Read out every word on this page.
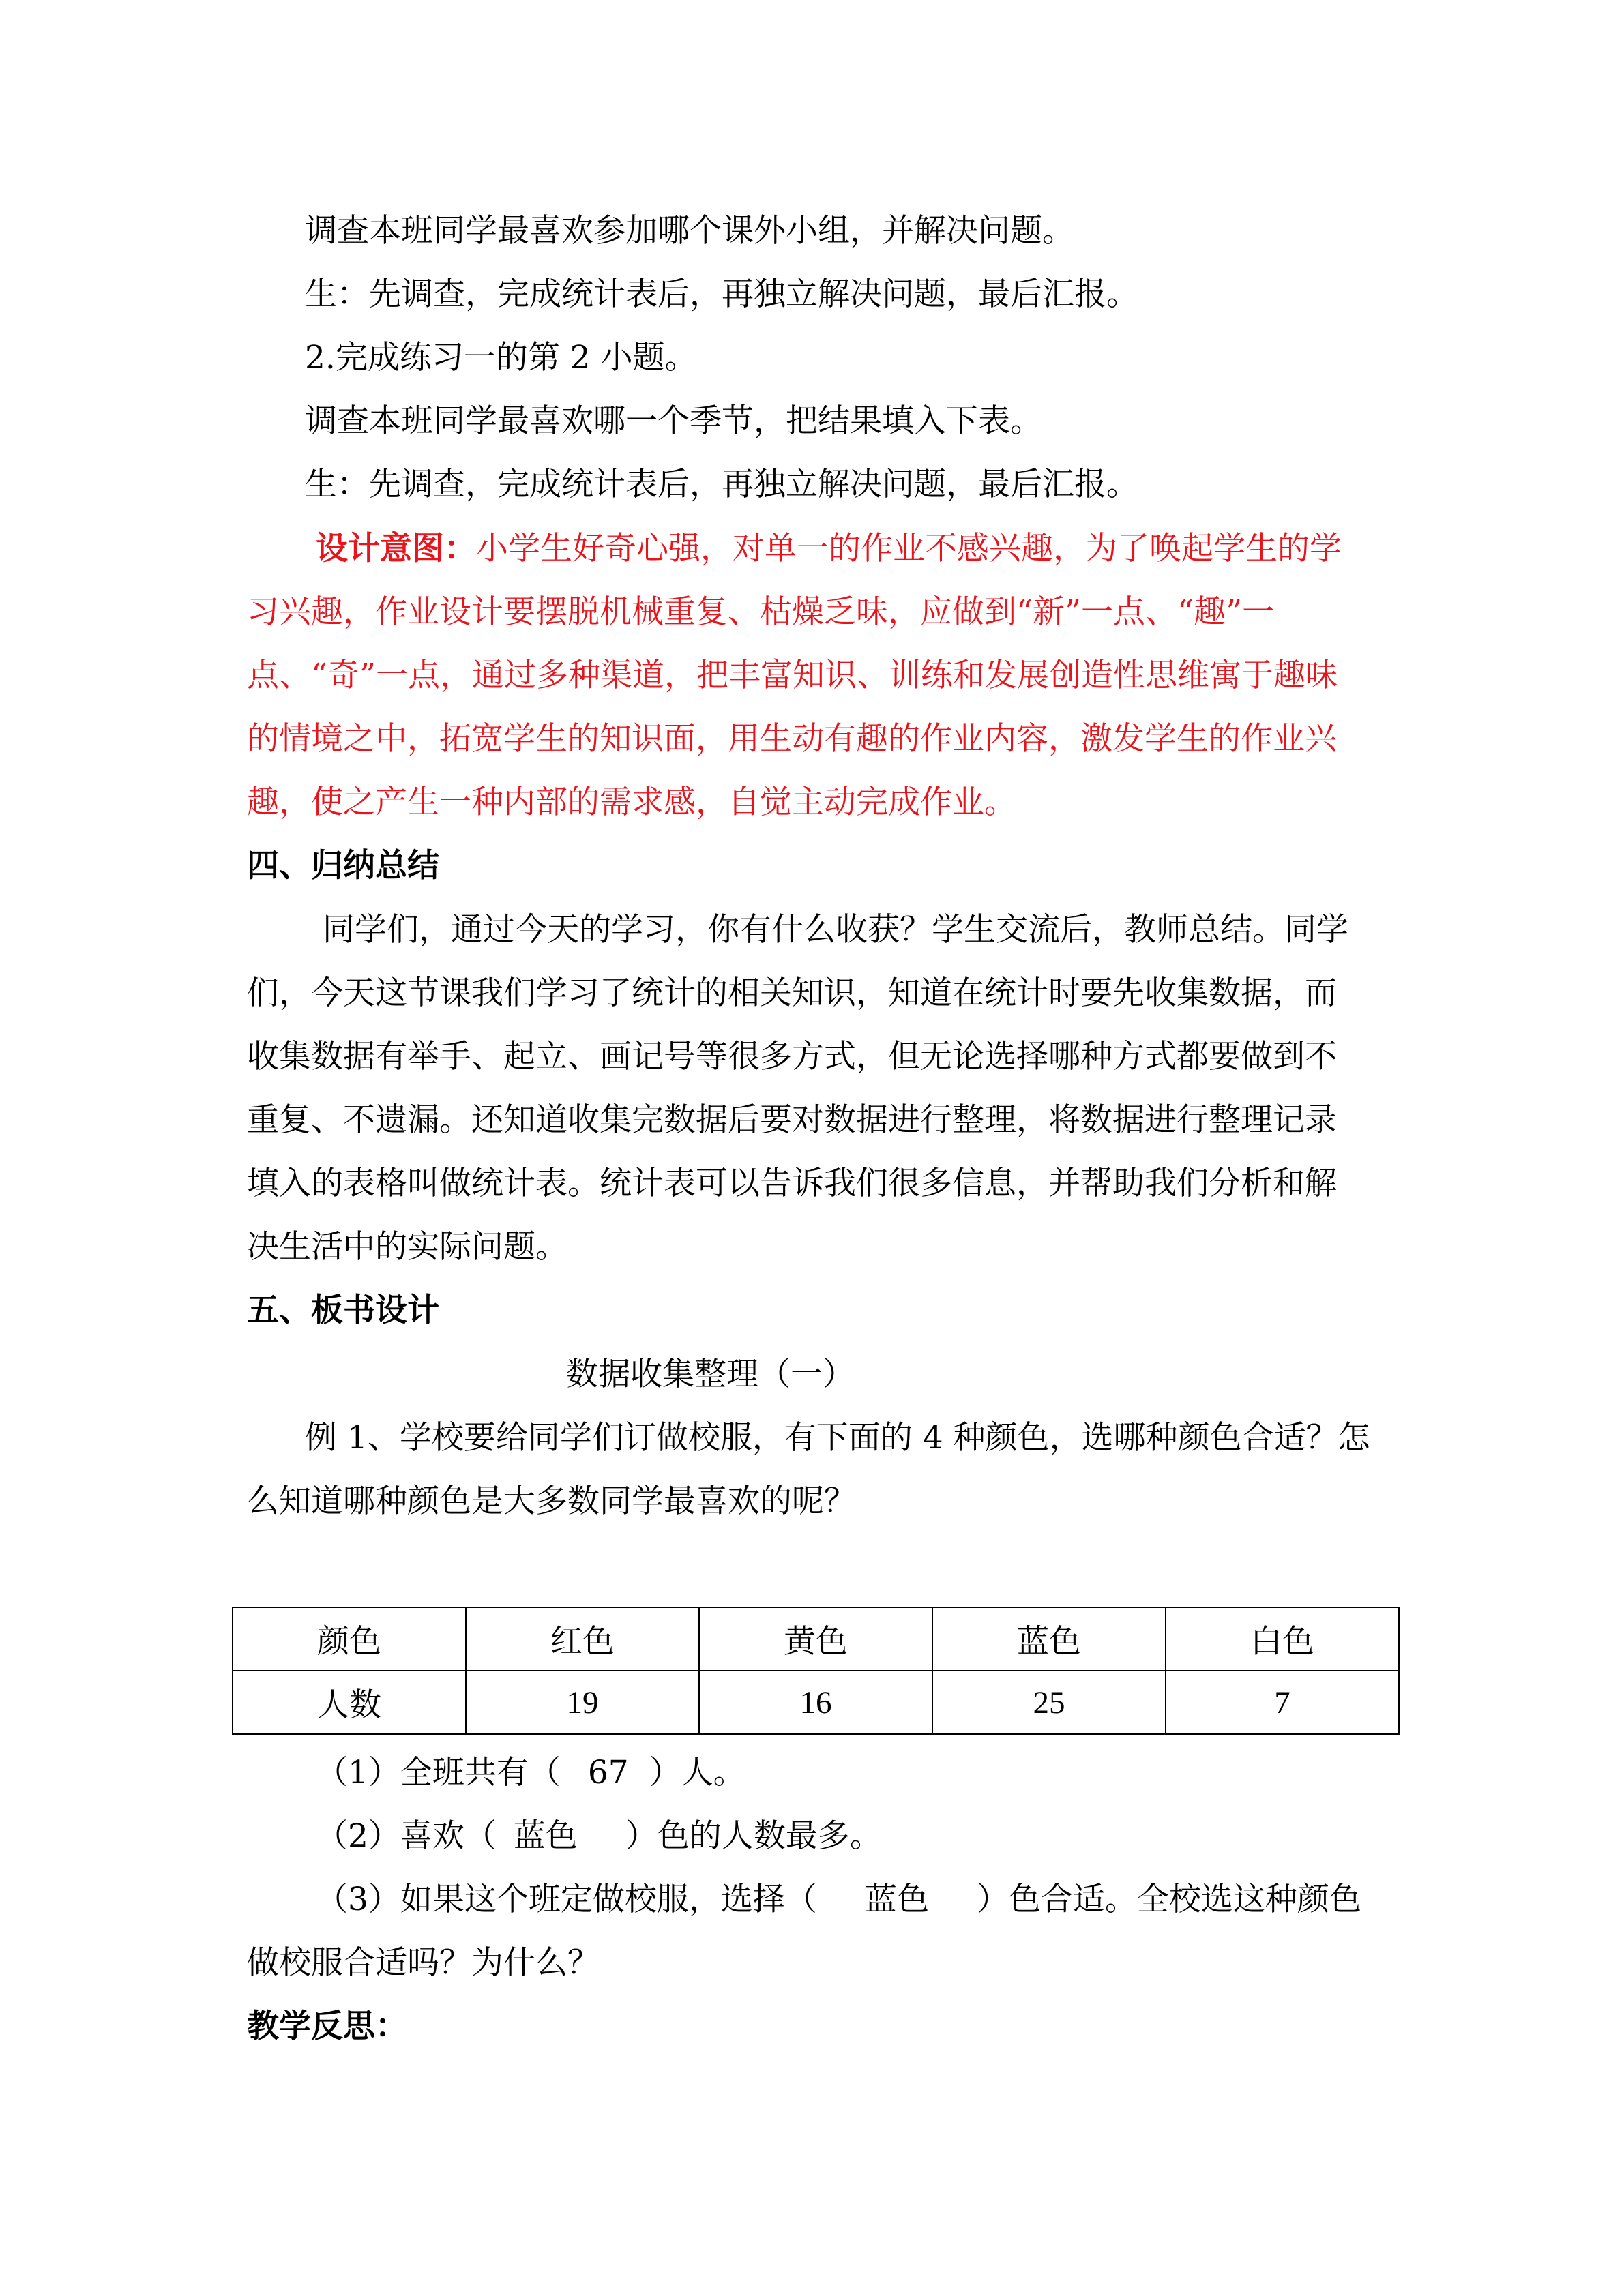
调查本班同学最喜欢参加哪个课外小组，并解决问题。

生：先调查，完成统计表后，再独立解决问题，最后汇报。

2.完成练习一的第 2 小题。

调查本班同学最喜欢哪一个季节，把结果填入下表。

生：先调查，完成统计表后，再独立解决问题，最后汇报。

设计意图：小学生好奇心强，对单一的作业不感兴趣，为了唤起学生的学

习兴趣，作业设计要摆脱机械重复、枯燥乏味，应做到“新”一点、“趣”一

点、“奇”一点，通过多种渠道，把丰富知识、训练和发展创造性思维寓于趣味

的情境之中，拓宽学生的知识面，用生动有趣的作业内容，激发学生的作业兴

趣，使之产生一种内部的需求感，自觉主动完成作业。

四、归纳总结

同学们，通过今天的学习，你有什么收获？学生交流后，教师总结。同学

们，今天这节课我们学习了统计的相关知识，知道在统计时要先收集数据，而

收集数据有举手、起立、画记号等很多方式，但无论选择哪种方式都要做到不

重复、不遗漏。还知道收集完数据后要对数据进行整理，将数据进行整理记录

填入的表格叫做统计表。统计表可以告诉我们很多信息，并帮助我们分析和解

决生活中的实际问题。

五、板书设计

数据收集整理（一）

例 1、学校要给同学们订做校服，有下面的 4 种颜色，选哪种颜色合适？怎

么知道哪种颜色是大多数同学最喜欢的呢？

颜色	红色	黄色	蓝色	白色
人数	19	16	25	7

（1）全班共有（ 67 ）人。

（2）喜欢（ 蓝色 ）色的人数最多。

（3）如果这个班定做校服，选择（ 蓝色 ）色合适。全校选这种颜色

做校服合适吗？为什么？

教学反思：
